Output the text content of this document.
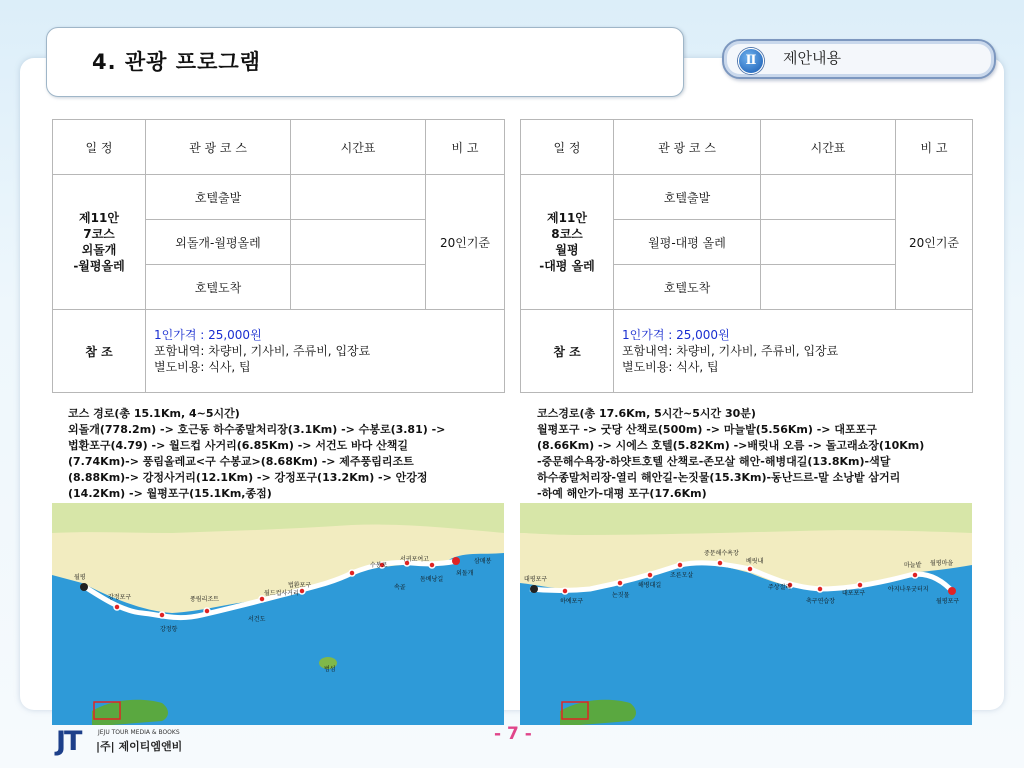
4. 관광 프로그램	Ⅱ	제안내용
일 정	관 광 코 스	시간표	비 고

제11안
7코스
외돌개
-월평올레	호텔출발		20인기준
	외돌개-월평올레		
	호텔도착		
참 조	1인가격 : 25,000원
포함내역: 차량비, 기사비, 주류비, 입장료
별도비용: 식사, 팁		
일 정	관 광 코 스	시간표	비 고

제11안
8코스
월평
-대평 올레	호텔출발		20인기준
	월평-대평 올레		
	호텔도착		
참 조	1인가격 : 25,000원
포함내역: 차량비, 기사비, 주류비, 입장료
별도비용: 식사, 팁		
코스 경로(총 15.1Km, 4~5시간)
외돌개(778.2m) -> 호근동 하수종말처리장(3.1Km) -> 수봉로(3.81) ->
법환포구(4.79) -> 월드컵 사거리(6.85Km) -> 서건도 바다 산책길
(7.74Km)-> 풍림올레교<구 수봉교>(8.68Km) -> 제주풍림리조트
(8.88Km)-> 강정사거리(12.1Km) -> 강정포구(13.2Km) -> 안강정
(14.2Km) -> 월평포구(15.1Km,종점)
코스경로(총 17.6Km, 5시간~5시간 30분)
월평포구 -> 굿당 산책로(500m) -> 마늘밭(5.56Km) -> 대포포구
(8.66Km) -> 시에스 호텔(5.82Km) ->배릿내 오름 -> 돌고래쇼장(10Km)
-중문해수욕장-하얏트호텔 산책로-존모살 해안-해병대길(13.8Km)-색달
하수종말처리장-열리 해안길-논짓물(15.3Km)-동난드르-말 소낭밭 삼거리
-하예 해안가-대평 포구(17.6Km)
월평
강정포구
강정항
풍림리조트
월드컵사거리
서건도
법환포구
수봉로
서귀포여고
속골
돔베낭길
외돌개
삼매봉
범섬
대평포구
하예포구
논짓물
해병대길
조른모살
중문해수욕장
베릿내
주상절리
축구연습장
대포포구
마늘밭 월평마을
아지나우굿터지
월평포구
JT	JEJU TOUR MEDIA & BOOKS
|주| 제이티엠앤비
- 7 -
